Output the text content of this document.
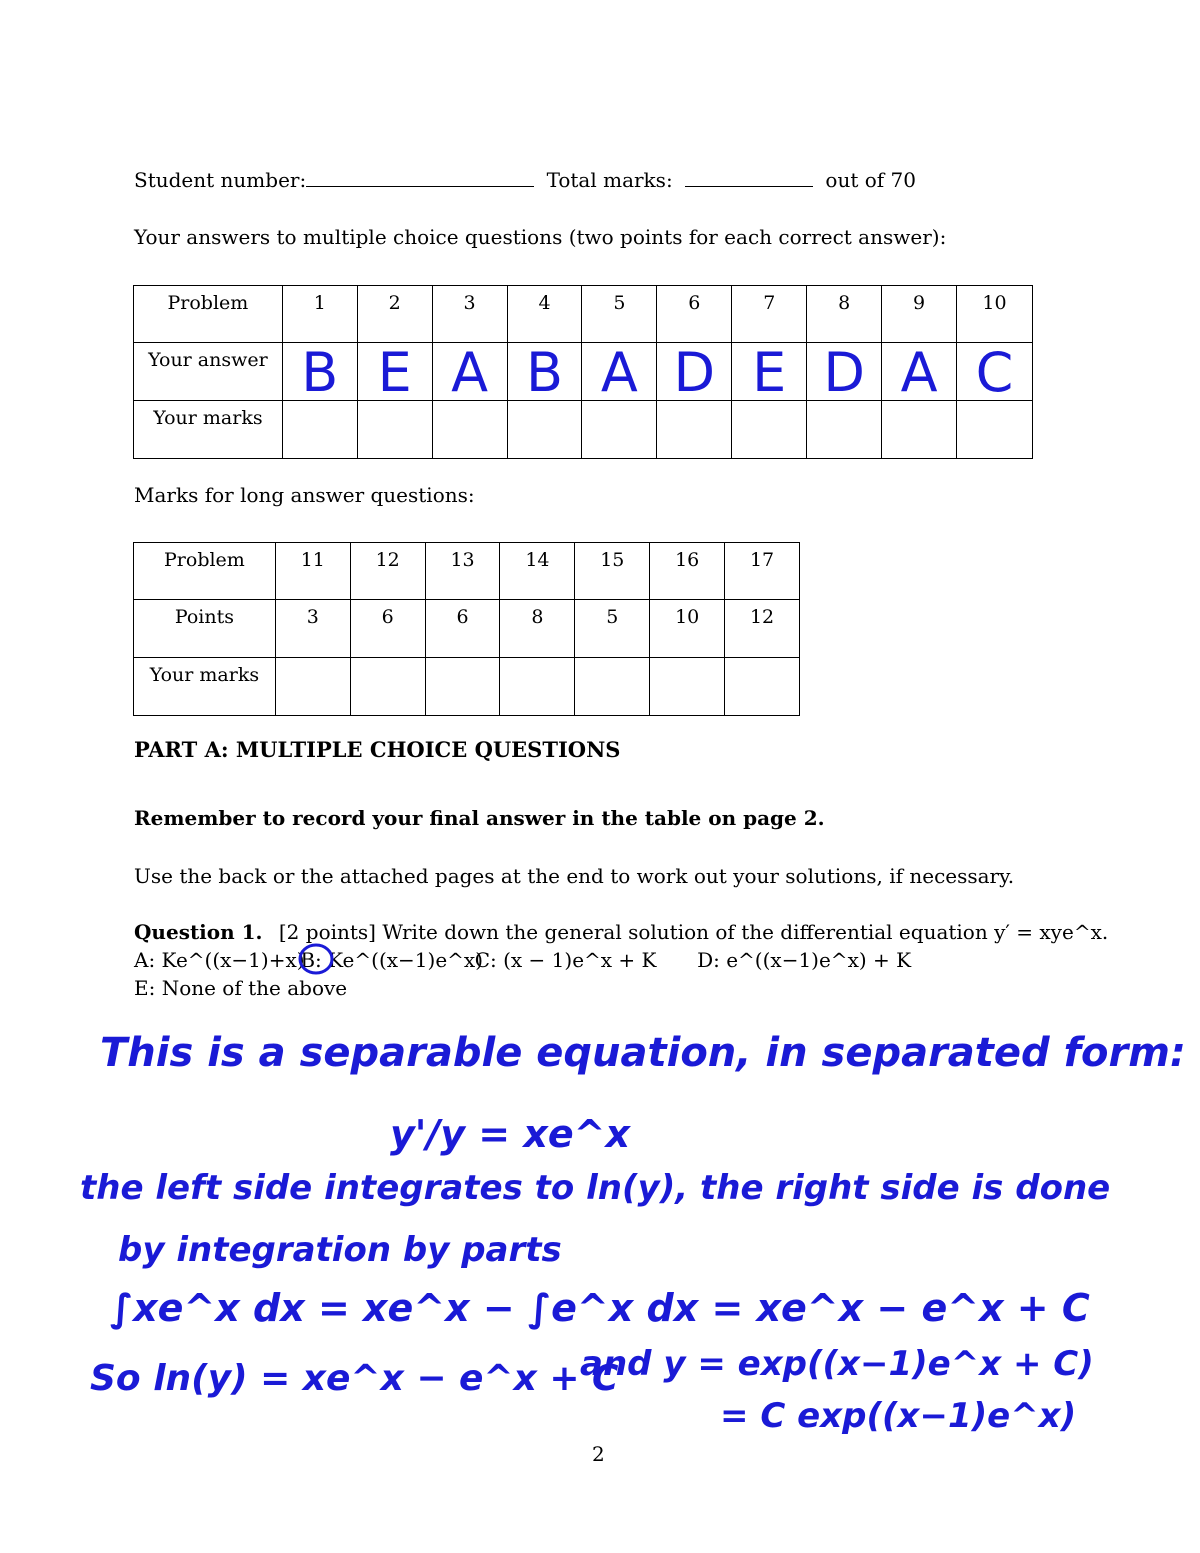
Student number:	Total marks:	out of 70
Your answers to multiple choice questions (two points for each correct answer):
Problem	1	2	3	4	5	6	7	8	9	10
Your answer	B	E	A	B	A	D	E	D	A	C

Your marks										
Marks for long answer questions:
Problem	11	12	13	14	15	16	17
Points	3	6	6	8	5	10	12
Your marks							
PART A: MULTIPLE CHOICE QUESTIONS
Remember to record your final answer in the table on page 2.
Use the back or the attached pages at the end to work out your solutions, if necessary.
Question 1. [2 points] Write down the general solution of the differential equation y′ = xye^x.
A: Ke^((x−1)+x) B: Ke^((x−1)e^x) C: (x − 1)e^x + K D: e^((x−1)e^x) + K
E: None of the above
This is a separable equation, in separated form:
y'/y = xe^x
the left side integrates to ln(y), the right side is done
by integration by parts
∫xe^x dx = xe^x − ∫e^x dx = xe^x − e^x + C
So ln(y) = xe^x − e^x + C
and y = exp((x−1)e^x + C)
= C exp((x−1)e^x)
2
